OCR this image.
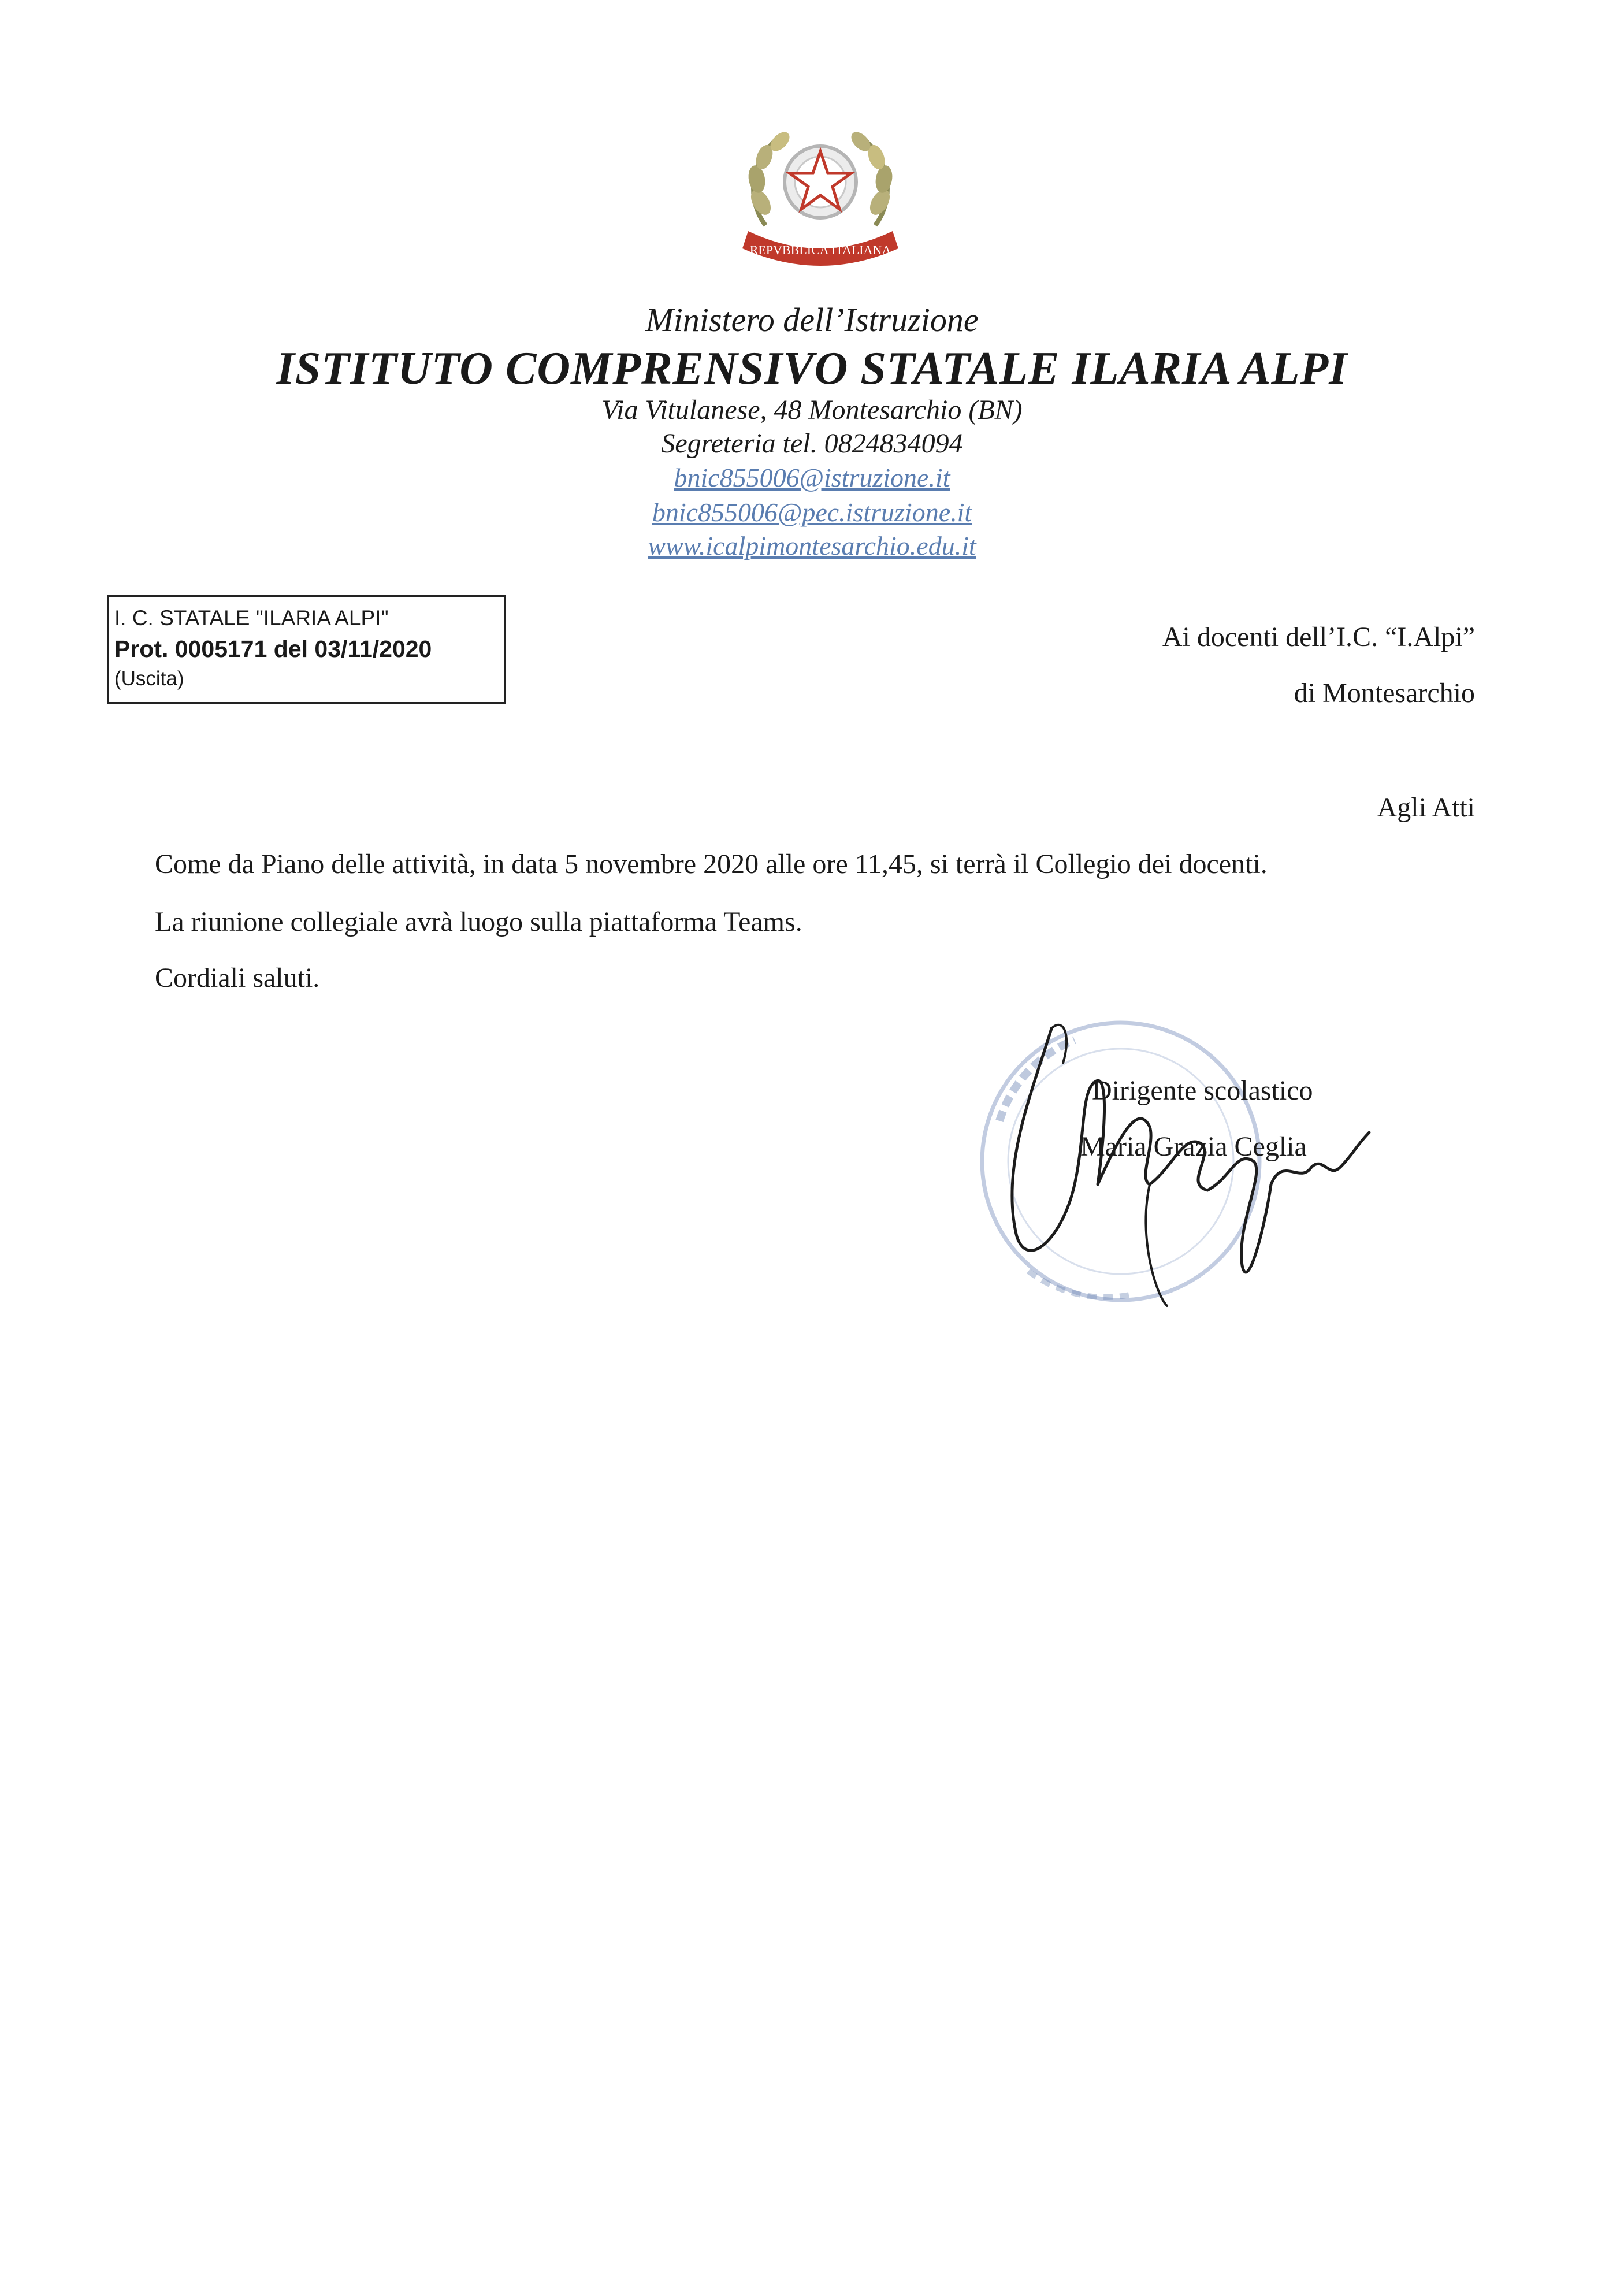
REPVBBLICA ITALIANA
Ministero dell’Istruzione
ISTITUTO COMPRENSIVO STATALE ILARIA ALPI
Via Vitulanese, 48 Montesarchio (BN)
Segreteria tel. 0824834094
bnic855006@istruzione.it
bnic855006@pec.istruzione.it
www.icalpimontesarchio.edu.it
I. C. STATALE "ILARIA ALPI"
Prot. 0005171 del 03/11/2020
(Uscita)
Ai docenti dell’I.C. “I.Alpi”
di Montesarchio
Agli Atti
Come da Piano delle attività, in data 5 novembre 2020 alle ore 11,45, si terrà il Collegio dei docenti.
La riunione collegiale avrà luogo sulla piattaforma Teams.
Cordiali saluti.
Dirigente scolastico
Maria Grazia Ceglia
